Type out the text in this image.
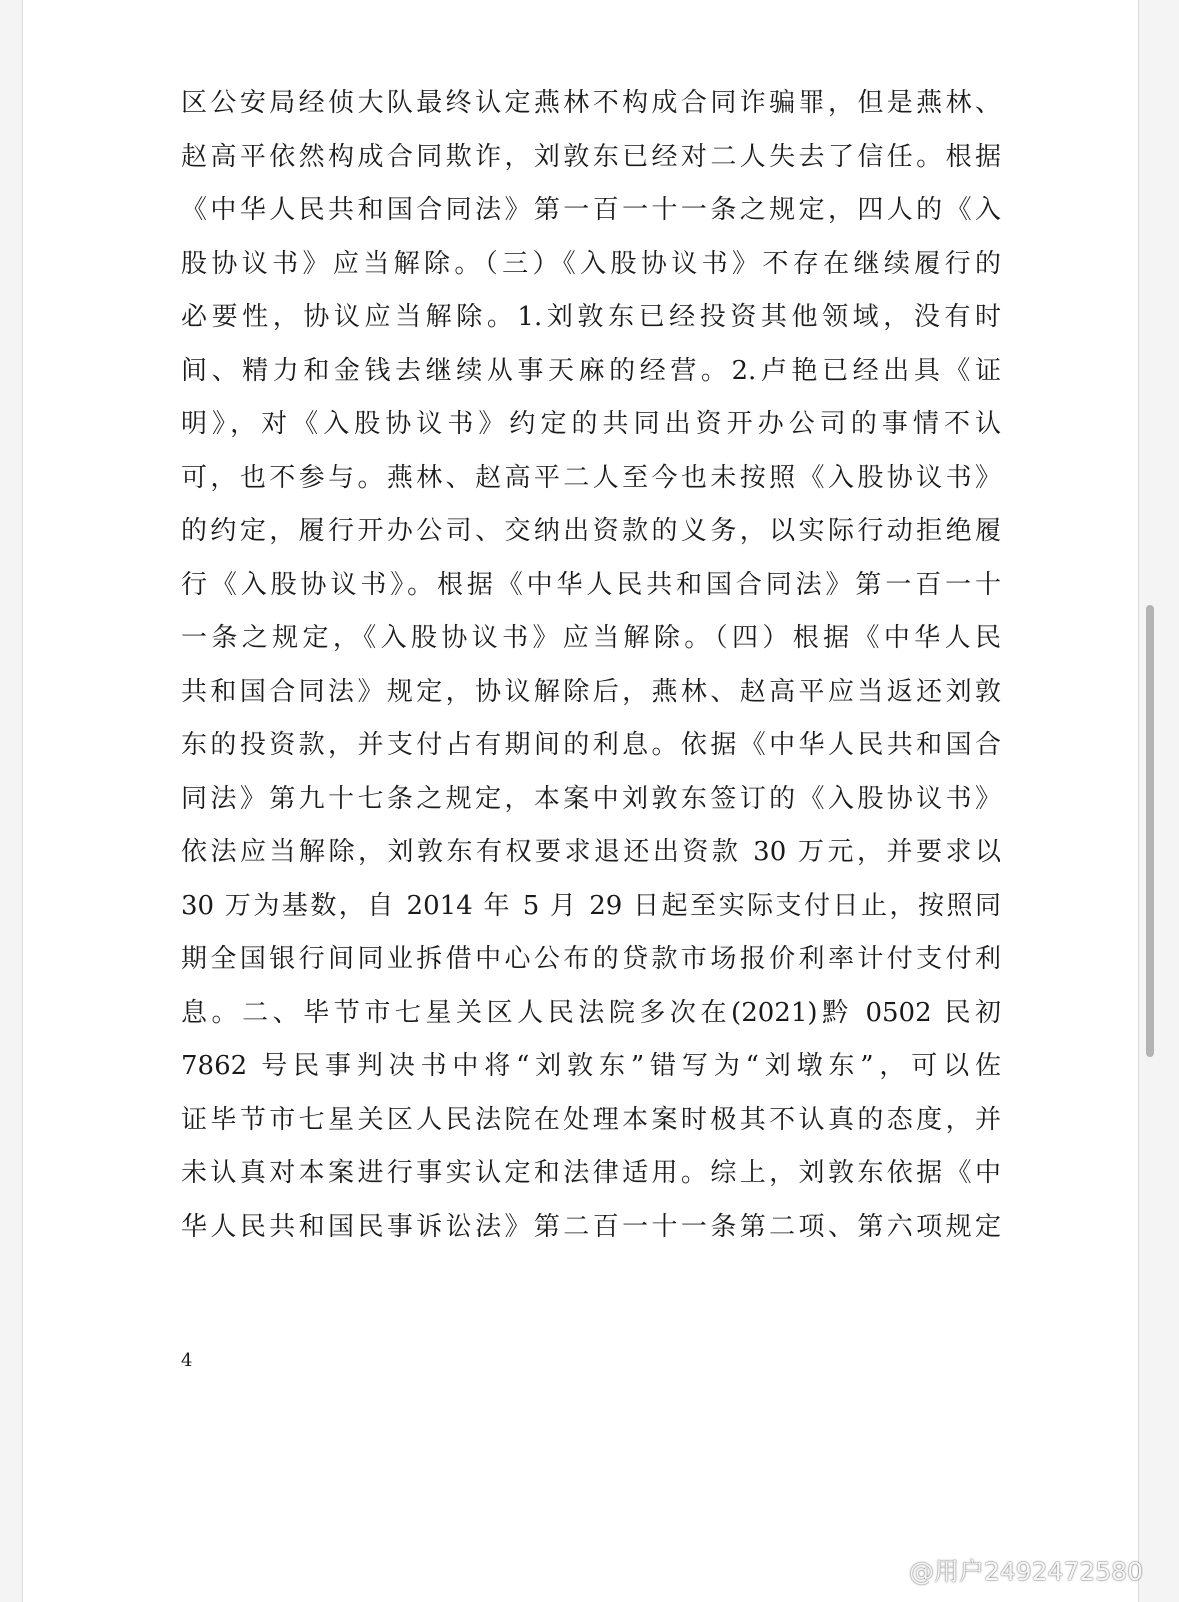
区公安局经侦大队最终认定燕林不构成合同诈骗罪，但是燕林、
赵高平依然构成合同欺诈，刘敦东已经对二人失去了信任。根据
《中华人民共和国合同法》第一百一十一条之规定，四人的《入
股协议书》应当解除。（三）《入股协议书》不存在继续履行的
必要性，协议应当解除。1.刘敦东已经投资其他领域，没有时
间、精力和金钱去继续从事天麻的经营。2.卢艳已经出具《证
明》，对《入股协议书》约定的共同出资开办公司的事情不认
可，也不参与。燕林、赵高平二人至今也未按照《入股协议书》
的约定，履行开办公司、交纳出资款的义务，以实际行动拒绝履
行《入股协议书》。根据《中华人民共和国合同法》第一百一十
一条之规定，《入股协议书》应当解除。（四）根据《中华人民
共和国合同法》规定，协议解除后，燕林、赵高平应当返还刘敦
东的投资款，并支付占有期间的利息。依据《中华人民共和国合
同法》第九十七条之规定，本案中刘敦东签订的《入股协议书》
依法应当解除，刘敦东有权要求退还出资款 30 万元，并要求以
30 万为基数，自 2014 年 5 月 29 日起至实际支付日止，按照同
期全国银行间同业拆借中心公布的贷款市场报价利率计付支付利
息。二、毕节市七星关区人民法院多次在(2021)黔 0502 民初
7862 号民事判决书中将“刘敦东”错写为“刘墩东”，可以佐
证毕节市七星关区人民法院在处理本案时极其不认真的态度，并
未认真对本案进行事实认定和法律适用。综上，刘敦东依据《中
华人民共和国民事诉讼法》第二百一十一条第二项、第六项规定
4
@用户2492472580
